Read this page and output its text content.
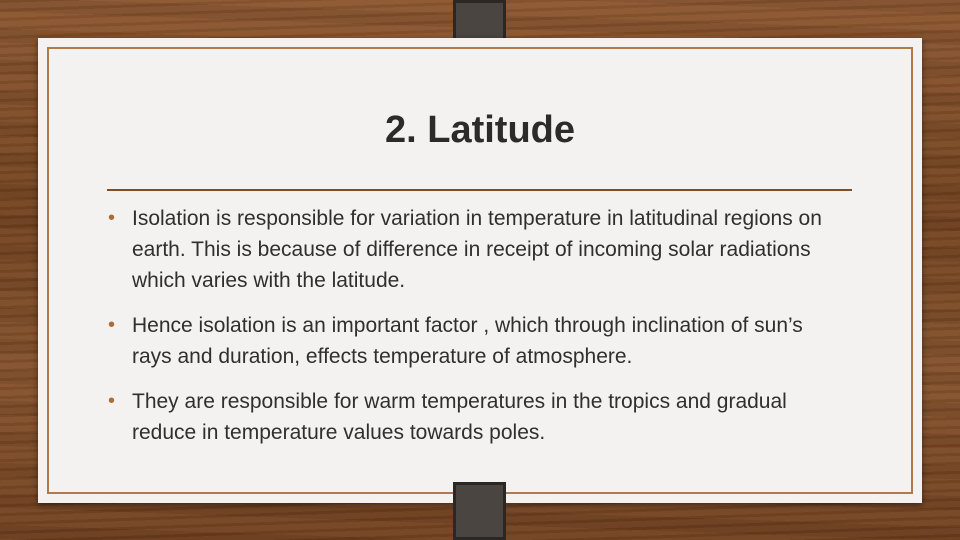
2. Latitude
• Isolation is responsible for variation in temperature in latitudinal regions on earth. This is because of difference in receipt of incoming solar radiations which varies with the latitude.
• Hence isolation is an important factor , which through inclination of sun’s rays and duration, effects temperature of atmosphere.
• They are responsible for warm temperatures in the tropics and gradual reduce in temperature values towards poles.
